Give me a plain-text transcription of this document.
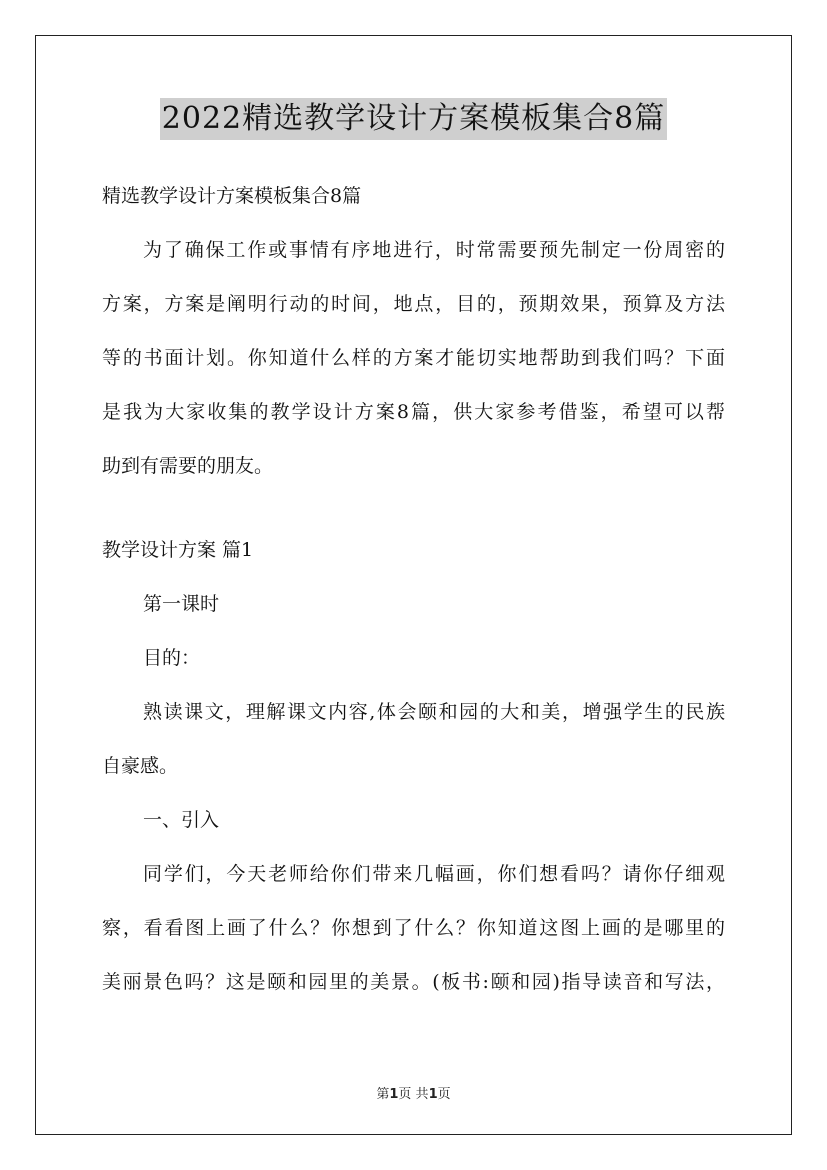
2022精选教学设计方案模板集合8篇
精选教学设计方案模板集合8篇
为了确保工作或事情有序地进行，时常需要预先制定一份周密的
方案，方案是阐明行动的时间，地点，目的，预期效果，预算及方法
等的书面计划。你知道什么样的方案才能切实地帮助到我们吗？下面
是我为大家收集的教学设计方案8篇，供大家参考借鉴，希望可以帮
助到有需要的朋友。
教学设计方案 篇1
第一课时
目的：
熟读课文，理解课文内容,体会颐和园的大和美，增强学生的民族
自豪感。
一、引入
同学们，今天老师给你们带来几幅画，你们想看吗？请你仔细观
察，看看图上画了什么？你想到了什么？你知道这图上画的是哪里的
美丽景色吗？这是颐和园里的美景。(板书:颐和园)指导读音和写法，
第1页 共1页
